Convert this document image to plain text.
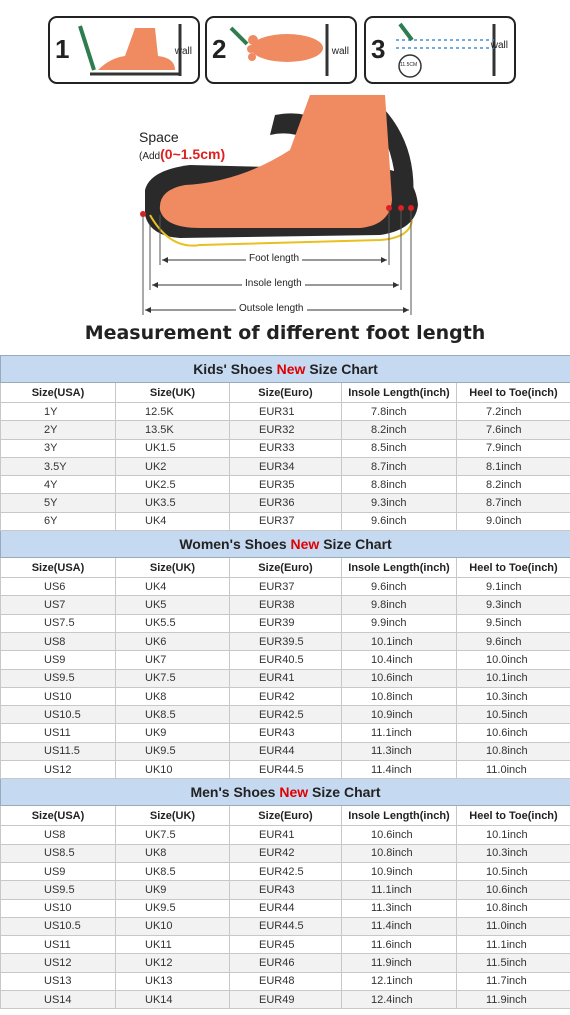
1	wall 2	wall 3	wall
11.5CM
Space
(Add(0~1.5cm)
Foot length
Insole length
Outsole length
Measurement of different foot length
Kids' Shoes New Size Chart				
Size(USA)	Size(UK)	Size(Euro)	Insole Length(inch)	Heel to Toe(inch)
1Y	12.5K	EUR31	7.8inch	7.2inch
2Y	13.5K	EUR32	8.2inch	7.6inch
3Y	UK1.5	EUR33	8.5inch	7.9inch
3.5Y	UK2	EUR34	8.7inch	8.1inch
4Y	UK2.5	EUR35	8.8inch	8.2inch
5Y	UK3.5	EUR36	9.3inch	8.7inch
6Y	UK4	EUR37	9.6inch	9.0inch
Women's Shoes New Size Chart				
Size(USA)	Size(UK)	Size(Euro)	Insole Length(inch)	Heel to Toe(inch)
US6	UK4	EUR37	9.6inch	9.1inch
US7	UK5	EUR38	9.8inch	9.3inch
US7.5	UK5.5	EUR39	9.9inch	9.5inch
US8	UK6	EUR39.5	10.1inch	9.6inch
US9	UK7	EUR40.5	10.4inch	10.0inch
US9.5	UK7.5	EUR41	10.6inch	10.1inch
US10	UK8	EUR42	10.8inch	10.3inch
US10.5	UK8.5	EUR42.5	10.9inch	10.5inch
US11	UK9	EUR43	11.1inch	10.6inch
US11.5	UK9.5	EUR44	11.3inch	10.8inch
US12	UK10	EUR44.5	11.4inch	11.0inch
Men's Shoes New Size Chart				
Size(USA)	Size(UK)	Size(Euro)	Insole Length(inch)	Heel to Toe(inch)
US8	UK7.5	EUR41	10.6inch	10.1inch
US8.5	UK8	EUR42	10.8inch	10.3inch
US9	UK8.5	EUR42.5	10.9inch	10.5inch
US9.5	UK9	EUR43	11.1inch	10.6inch
US10	UK9.5	EUR44	11.3inch	10.8inch
US10.5	UK10	EUR44.5	11.4inch	11.0inch
US11	UK11	EUR45	11.6inch	11.1inch
US12	UK12	EUR46	11.9inch	11.5inch
US13	UK13	EUR48	12.1inch	11.7inch
US14	UK14	EUR49	12.4inch	11.9inch
